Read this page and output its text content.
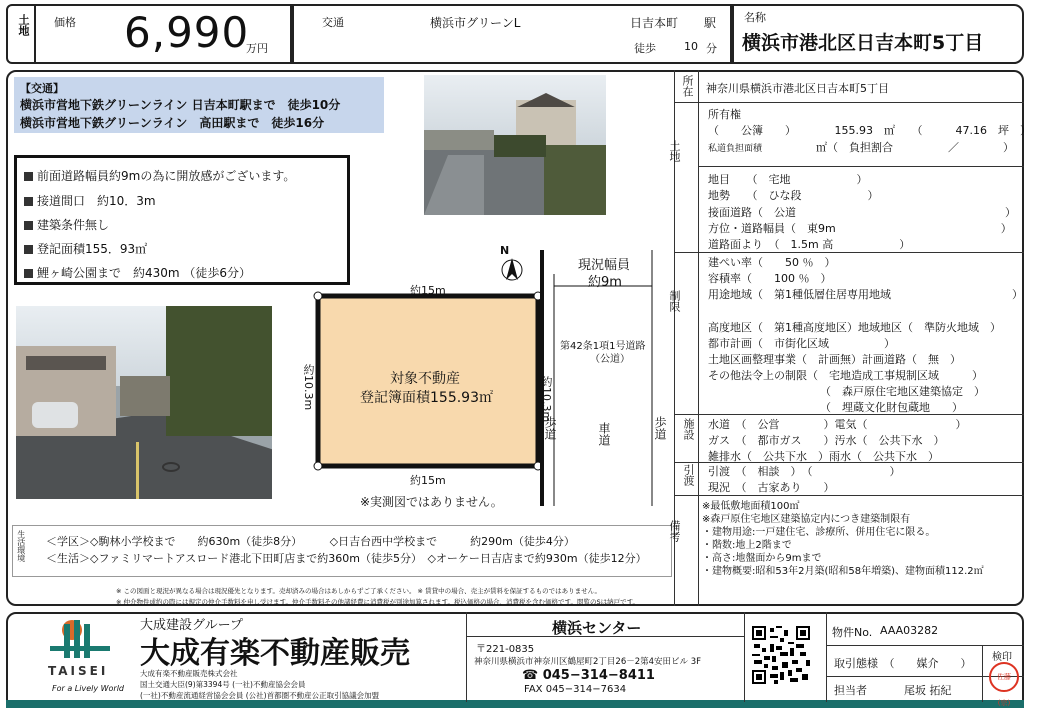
土地 価格 6,990
万円
交通	横浜市グリーンL	日吉本町 駅
徒歩	10 分
名称
横浜市港北区日吉本町5丁目
【交通】
横浜市営地下鉄グリーンライン 日吉本町駅まで　徒歩10分
横浜市営地下鉄グリーンライン　高田駅まで　徒歩16分
前面道路幅員約9mの為に開放感がございます。
接道間口　約10．3m
建築条件無し
登記面積155．93㎡
鯉ヶ崎公園まで　約430m （徒歩6分）
N
現況幅員
約9m
約15m
約15m
約10.3m	約10.3m
対象不動産
登記簿面積155.93㎡
第42条1項1号道路
（公道）
歩道	車道	歩道
※実測図ではありません。
生活環境 ＜学区＞◇駒林小学校まで　　約630m（徒歩8分）　　　◇日吉台西中学校まで　　　約290m（徒歩4分）
＜生活＞◇ファミリマートアスロード港北下田町店まで約360m（徒歩5分）　◇オーケー日吉店まで約930m（徒歩12分）
※ この図面と現況が異なる場合は現況優先となります。売却済みの場合はあしからずご了承ください。 ※ 賃貸中の場合、売主が賃料を保証するものではありません。
※ 仲介物件成約の際には規定の仲介手数料を申し受けます。仲介手数料その他諸経費に消費税が別途加算されます。税込価格の場合、消費税を含む価格です。閲覧のSは納戸です。
所在 神奈川県横浜市港北区日吉本町5丁目
所有権
（　　公簿　　）　　　　155.93　 ㎡　　（　　　47.16　坪　）
私道負担面積　　　　　　	㎡（　負担割合　　　　　／　　　　）
地目　　（　宅地　　　　　　）
地勢　　（　ひな段　　　　　　）
接面道路（　公道　　　　　　　　　　　　　　　　　　　）
方位・道路幅員（　東9m　　　　　　　　　　　　　　　）
道路面より　（　1.5m 高　　　　　　）
建ぺい率（　　50 ％　）
容積率（　　100 ％　）
用途地域（　第1種低層住居専用地域　　　　　　　　　　　）
高度地区（　第1種高度地区）地域地区（　準防火地域　）
都市計画（　市街化区域　　　　　）
土地区画整理事業（　計画無）計画道路（　無　）
その他法令上の制限（　宅地造成工事規制区域　　　）
（　森戸原住宅地区建築協定　）
（　埋蔵文化財包蔵地　　）
施設 水道　（　公営　　　　）電気（　　　　　　　　）
ガス　（　都市ガス　　）汚水（　公共下水　）
雑排水（　公共下水　）雨水（　公共下水　）
引渡 引渡　（　相談　）　（　　　　　　　）
現況　（　古家あり　　）
※最低敷地面積100㎡
※森戸原住宅地区建築協定内につき建築制限有
・建物用途:一戸建住宅、診療所、併用住宅に限る。
・階数:地上2階まで
・高さ:地盤面から9mまで
・建物概要:昭和53年2月築(昭和58年増築)、建物面積112.2㎡
TAISEI
For a Lively World
大成建設グループ
大成有楽不動産販売
大成有楽不動産販売株式会社
国土交通大臣(9)第3394号 (一社)不動産協会会員
(一社)不動産流通経営協会会員 (公社)首都圏不動産公正取引協議会加盟
横浜センター
〒221-0835
神奈川県横浜市神奈川区鶴屋町2丁目26－2第4安田ビル 3F
☎ 045−314−8411
FAX 045−314−7634
物件No. AAA03282
取引態様　（　　媒介　　）
担当者	尾坂 拓紀
検印
佐藤(宗)
